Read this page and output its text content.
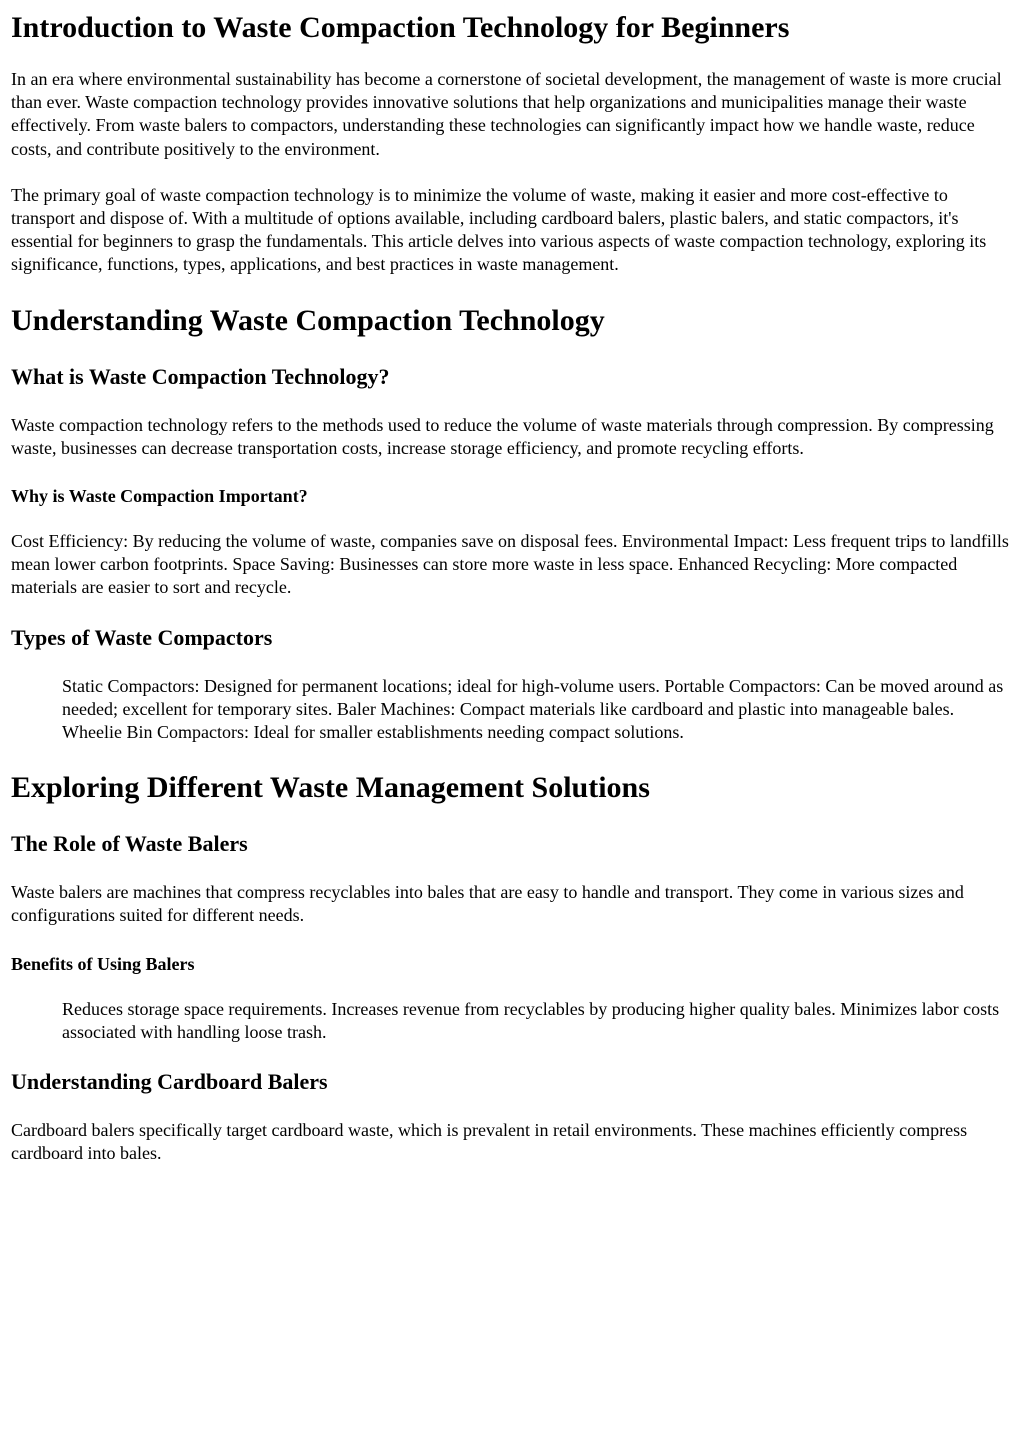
Introduction to Waste Compaction Technology for Beginners

In an era where environmental sustainability has become a cornerstone of societal development, the management of waste is more crucial than ever. Waste compaction technology provides innovative solutions that help organizations and municipalities manage their waste effectively. From waste balers to compactors, understanding these technologies can significantly impact how we handle waste, reduce costs, and contribute positively to the environment.

The primary goal of waste compaction technology is to minimize the volume of waste, making it easier and more cost-effective to transport and dispose of. With a multitude of options available, including cardboard balers, plastic balers, and static compactors, it's essential for beginners to grasp the fundamentals. This article delves into various aspects of waste compaction technology, exploring its significance, functions, types, applications, and best practices in waste management.

Understanding Waste Compaction Technology
What is Waste Compaction Technology?

Waste compaction technology refers to the methods used to reduce the volume of waste materials through compression. By compressing waste, businesses can decrease transportation costs, increase storage efficiency, and promote recycling efforts.

Why is Waste Compaction Important?

Cost Efficiency: By reducing the volume of waste, companies save on disposal fees. Environmental Impact: Less frequent trips to landfills mean lower carbon footprints. Space Saving: Businesses can store more waste in less space. Enhanced Recycling: More compacted materials are easier to sort and recycle.

Types of Waste Compactors

Static Compactors: Designed for permanent locations; ideal for high-volume users. Portable Compactors: Can be moved around as needed; excellent for temporary sites. Baler Machines: Compact materials like cardboard and plastic into manageable bales. Wheelie Bin Compactors: Ideal for smaller establishments needing compact solutions.

Exploring Different Waste Management Solutions
The Role of Waste Balers

Waste balers are machines that compress recyclables into bales that are easy to handle and transport. They come in various sizes and configurations suited for different needs.

Benefits of Using Balers

Reduces storage space requirements. Increases revenue from recyclables by producing higher quality bales. Minimizes labor costs associated with handling loose trash.

Understanding Cardboard Balers

Cardboard balers specifically target cardboard waste, which is prevalent in retail environments. These machines efficiently compress cardboard into bales.
